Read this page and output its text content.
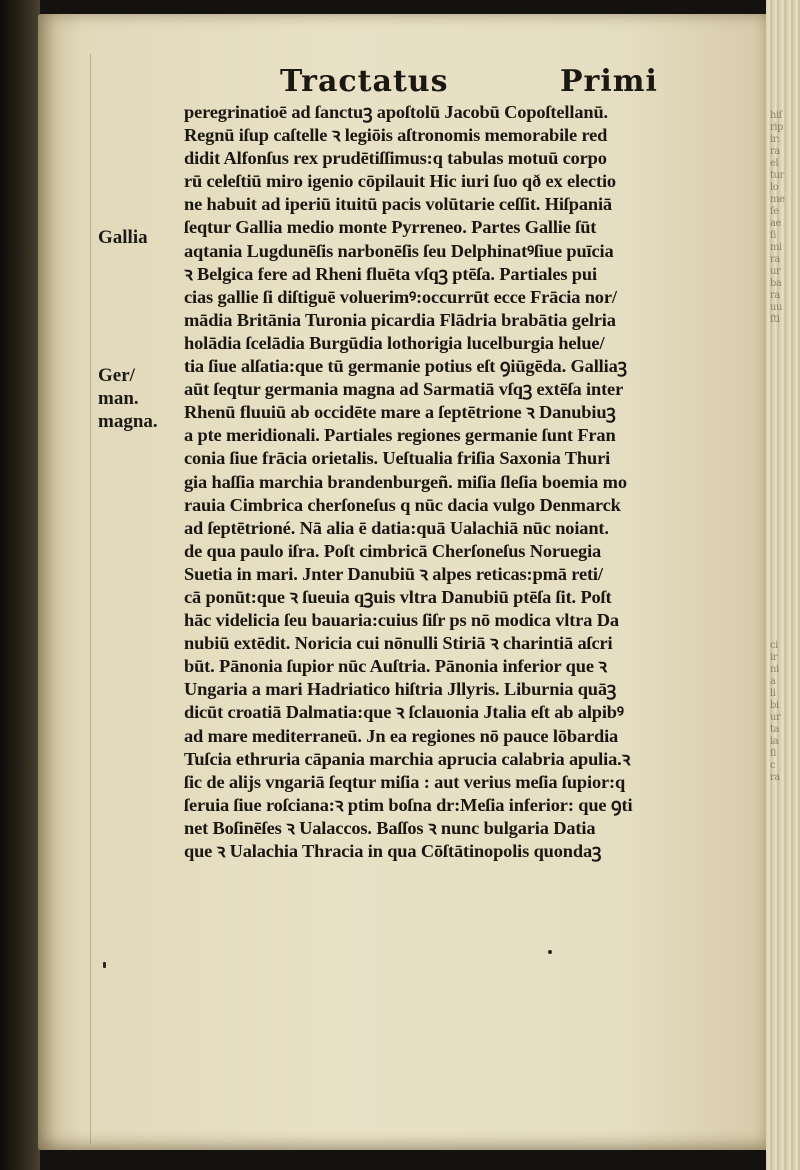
hiſ
rip
ir:
ra
el
tur
lo
me
ſe
ae
ſi
mi
ra
ur
ba
ra
uu
ſti
ci
ir
ni
a
li
bi
ur
ta
ia
ſi
c
ra
Tractatus	Primi
Gallia
Ger/
man.
magna.
peregrinatioē ad ſanctuꝫ apoſtolū Jacobū Copoſtellanū.
Regnū iſup caſtelle ꝛ legiōis aſtronomis memorabile red
didit Alfonſus rex prudētiſſimus:q tabulas motuū corpo
rū celeſtiū miro igenio cōpilauit Hic iuri ſuo qð ex electio
ne habuit ad iperiū ituitū pacis volūtarie ceſſit. Hiſpaniā
ſeqtur Gallia medio monte Pyrreneo. Partes Gallie ſūt
aqtania Lugdunēſis narbonēſis ſeu Delphinatꝰſiue puīcia
ꝛ Belgica fere ad Rheni fluēta vſqꝫ ptēſa. Partiales pui
cias gallie ſi diſtiguē voluerimꝰ:occurrūt ecce Frācia nor/
mādia Britānia Turonia picardia Flādria brabātia gelria
holādia ſcelādia Burgūdia lothorigia lucelburgia helue/
tia ſiue alſatia:que tū germanie potius eſt ꝯiūgēda. Galliaꝫ
aūt ſeqtur germania magna ad Sarmatiā vſqꝫ extēſa inter
Rhenū fluuiū ab occidēte mare a ſeptētrione ꝛ Danubiuꝫ
a pte meridionali. Partiales regiones germanie ſunt Fran
conia ſiue frācia orietalis. Ueſtualia friſia Saxonia Thuri
gia haſſia marchia brandenburgeñ. miſia ſleſia boemia mo
rauia Cimbrica cherſoneſus q nūc dacia vulgo Denmarck
ad ſeptētrioné. Nā alia ē datia:quā Ualachiā nūc noiant.
de qua paulo iſra. Poſt cimbricā Cherſoneſus Noruegia
Suetia in mari. Jnter Danubiū ꝛ alpes reticas:pmā reti/
cā ponūt:que ꝛ ſueuia qꝫuis vltra Danubiū ptēſa ſit. Poſt
hāc videlicia ſeu bauaria:cuius ſiſr ps nō modica vltra Da
nubiū extēdit. Noricia cui nōnulli Stiriā ꝛ charintiā aſcri
būt. Pānonia ſupior nūc Auſtria. Pānonia inferior que ꝛ
Ungaria a mari Hadriatico hiſtria Jllyris. Liburnia quāꝫ
dicūt croatiā Dalmatia:que ꝛ ſclauonia Jtalia eſt ab alpibꝰ
ad mare mediterraneū. Jn ea regiones nō pauce lōbardia
Tuſcia ethruria cāpania marchia aprucia calabria apulia.ꝛ
ſic de alijs vngariā ſeqtur miſia : aut verius meſia ſupior:q
ſeruia ſiue roſciana:ꝛ ptim boſna dr:Meſia inferior: que ꝯti
net Boſinēſes ꝛ Ualaccos. Baſſos ꝛ nunc bulgaria Datia
que ꝛ Ualachia Thracia in qua Cōſtātinopolis quondaꝫ
